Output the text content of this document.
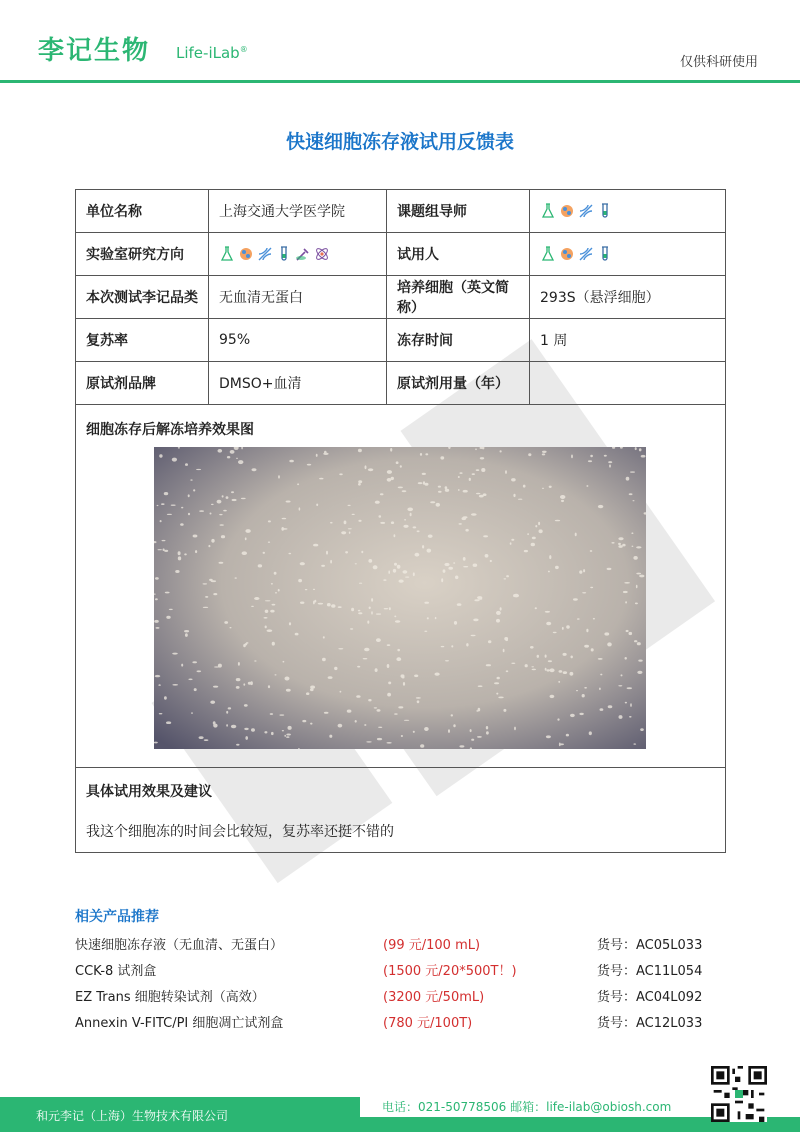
李记生物 Life-iLab®
仅供科研使用
快速细胞冻存液试用反馈表
单位名称	上海交通大学医学院	课题组导师	

实验室研究方向		试用人	

本次测试李记品类	无血清无蛋白	培养细胞（英文简称）	293S（悬浮细胞）
复苏率	95%	冻存时间	1 周
原试剂品牌	DMSO+血清	原试剂用量（年）	

细胞冻存后解冻培养效果图			

具体试用效果及建议
我这个细胞冻的时间会比较短，复苏率还挺不错的			
相关产品推荐
快速细胞冻存液（无血清、无蛋白）	(99 元/100 mL)	货号：AC05L033
CCK-8 试剂盒	(1500 元/20*500T！)	货号：AC11L054
EZ Trans 细胞转染试剂（高效）	(3200 元/50mL)	货号：AC04L092
Annexin V-FITC/PI 细胞凋亡试剂盒	(780 元/100T)	货号：AC12L033
和元李记（上海）生物技术有限公司
电话：021-50778506 邮箱：life-ilab@obiosh.com
